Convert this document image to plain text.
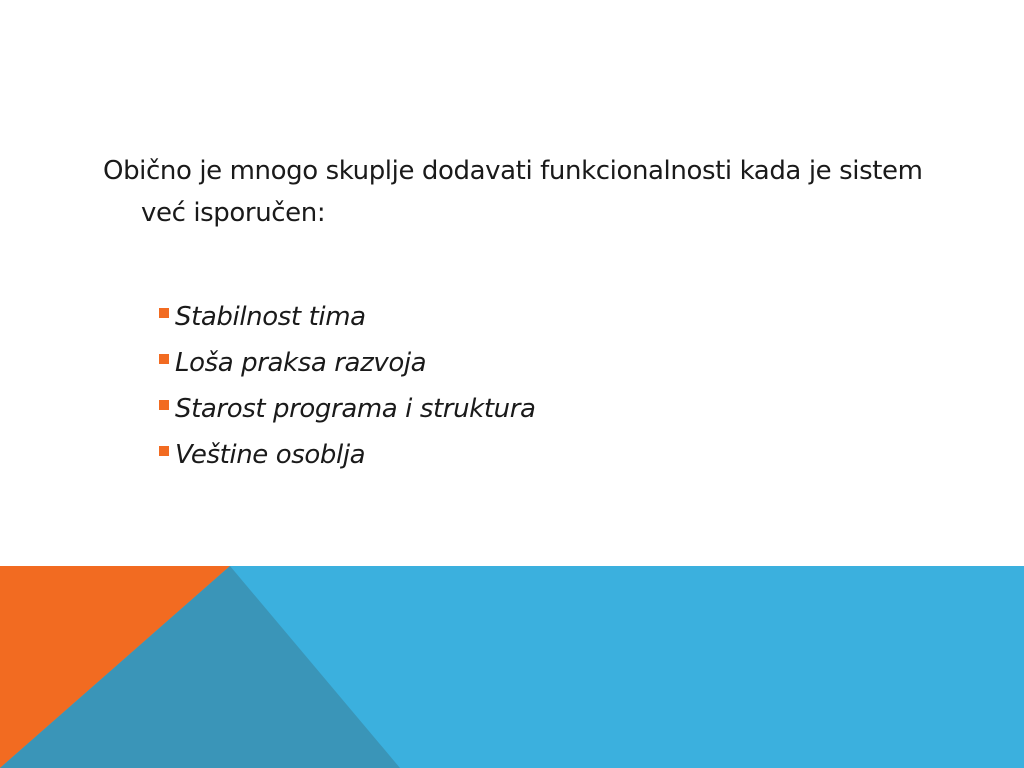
Obično je mnogo skuplje dodavati funkcionalnosti kada je sistem već isporučen:

Stabilnost tima
Loša praksa razvoja
Starost programa i struktura
Veštine osoblja
